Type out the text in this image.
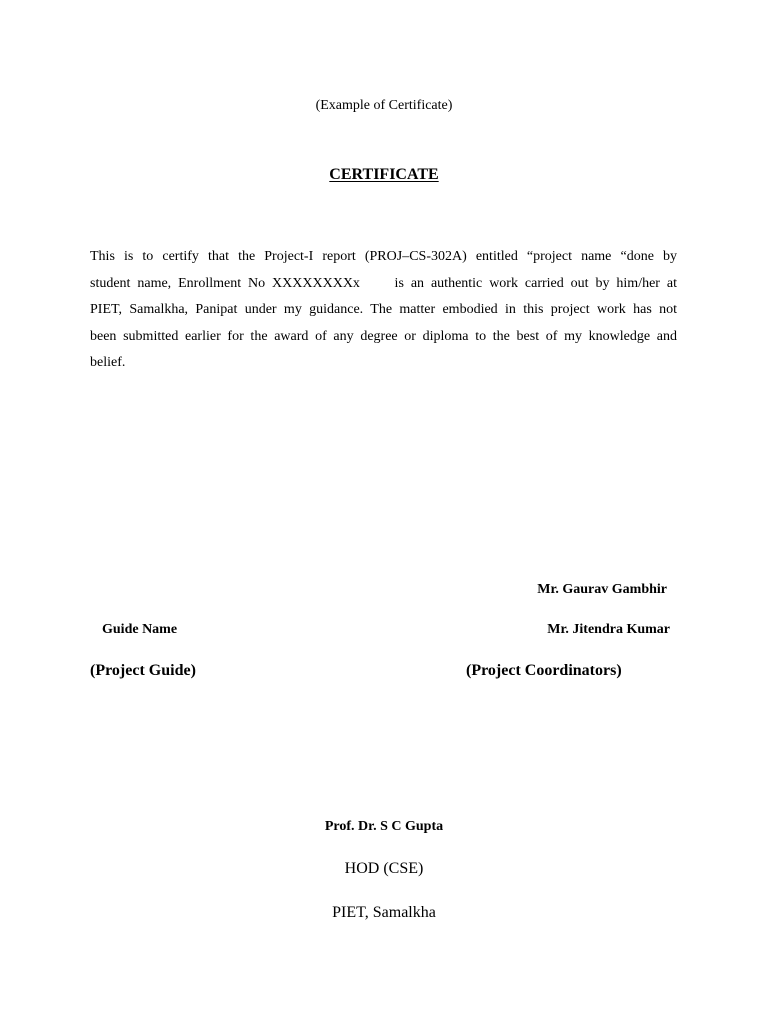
(Example of Certificate)
CERTIFICATE
This is to certify that the Project-I report (PROJ–CS-302A) entitled “project name “done by
student name, Enrollment No XXXXXXXXx     is an authentic work carried out by him/her at
PIET, Samalkha, Panipat under my guidance. The matter embodied in this project work has not
been submitted earlier for the award of any degree or diploma to the best of my knowledge and
belief.
Mr. Gaurav Gambhir
Guide Name	Mr. Jitendra Kumar
(Project Guide)	(Project Coordinators)
Prof. Dr. S C Gupta
HOD (CSE)
PIET, Samalkha
